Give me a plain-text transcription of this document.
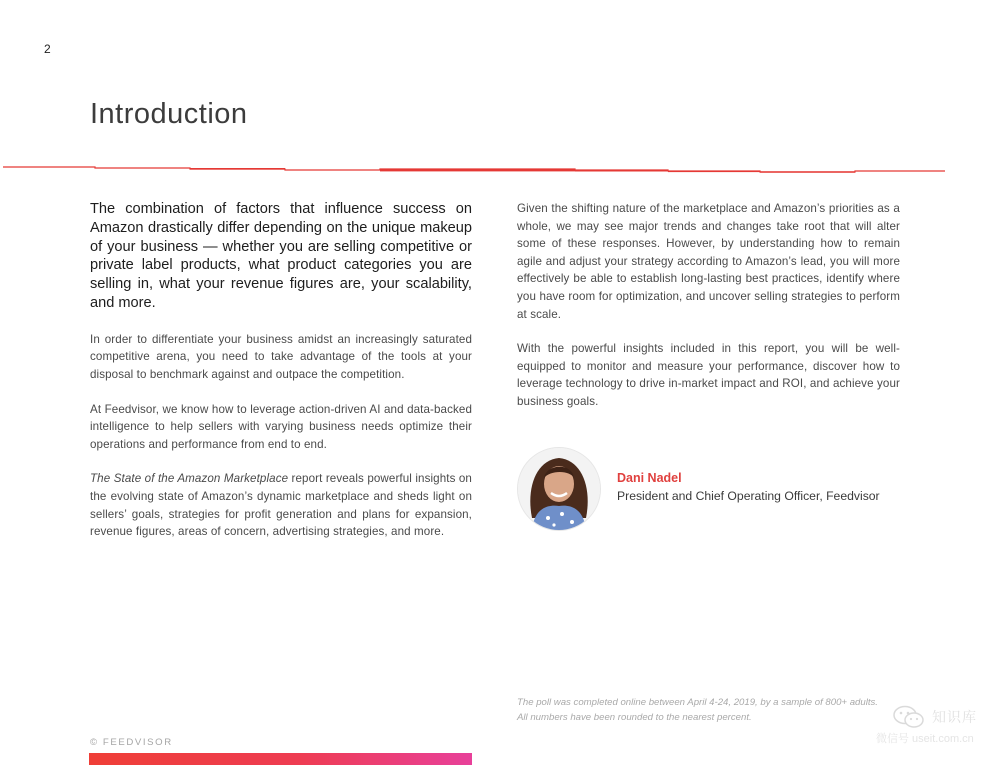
2
Introduction

The combination of factors that influence success on Amazon drastically differ depending on the unique makeup of your business — whether you are selling competitive or private label products, what product categories you are selling in, what your revenue figures are, your scalability, and more.

In order to differentiate your business amidst an increasingly saturated competitive arena, you need to take advantage of the tools at your disposal to benchmark against and outpace the competition.

At Feedvisor, we know how to leverage action-driven AI and data-backed intelligence to help sellers with varying business needs optimize their operations and performance from end to end.

The State of the Amazon Marketplace report reveals powerful insights on the evolving state of Amazon’s dynamic marketplace and sheds light on sellers’ goals, strategies for profit generation and plans for expansion, revenue figures, areas of concern, advertising strategies, and more.

Given the shifting nature of the marketplace and Amazon’s priorities as a whole, we may see major trends and changes take root that will alter some of these responses. However, by understanding how to remain agile and adjust your strategy according to Amazon’s lead, you will more effectively be able to establish long-lasting best practices, identify where you have room for optimization, and uncover selling strategies to perform at scale.

With the powerful insights included in this report, you will be well-equipped to monitor and measure your performance, discover how to leverage technology to drive in-market impact and ROI, and achieve your business goals.

Dani Nadel
President and Chief Operating Officer, Feedvisor
The poll was completed online between April 4-24, 2019, by a sample of 800+ adults.
All numbers have been rounded to the nearest percent.
© FEEDVISOR
知识库
微信号 useit.com.cn
